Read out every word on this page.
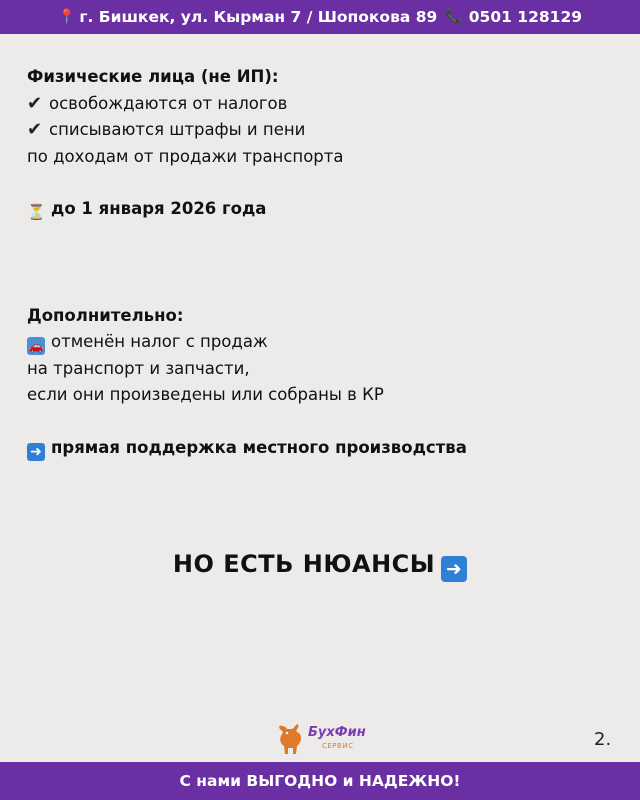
📍 г. Бишкек, ул. Кырман 7 / Шопокова 89 📞 0501 128129
Физические лица (не ИП):
✔ освобождаются от налогов
✔ списываются штрафы и пени
по доходам от продажи транспорта
⏳ до 1 января 2026 года
Дополнительно:
🚗 отменён налог с продаж
на транспорт и запчасти,
если они произведены или собраны в КР
➜ прямая поддержка местного производства
НО ЕСТЬ НЮАНСЫ ➜
БухФин
СЕРВИС	2.
С нами ВЫГОДНО и НАДЕЖНО!
